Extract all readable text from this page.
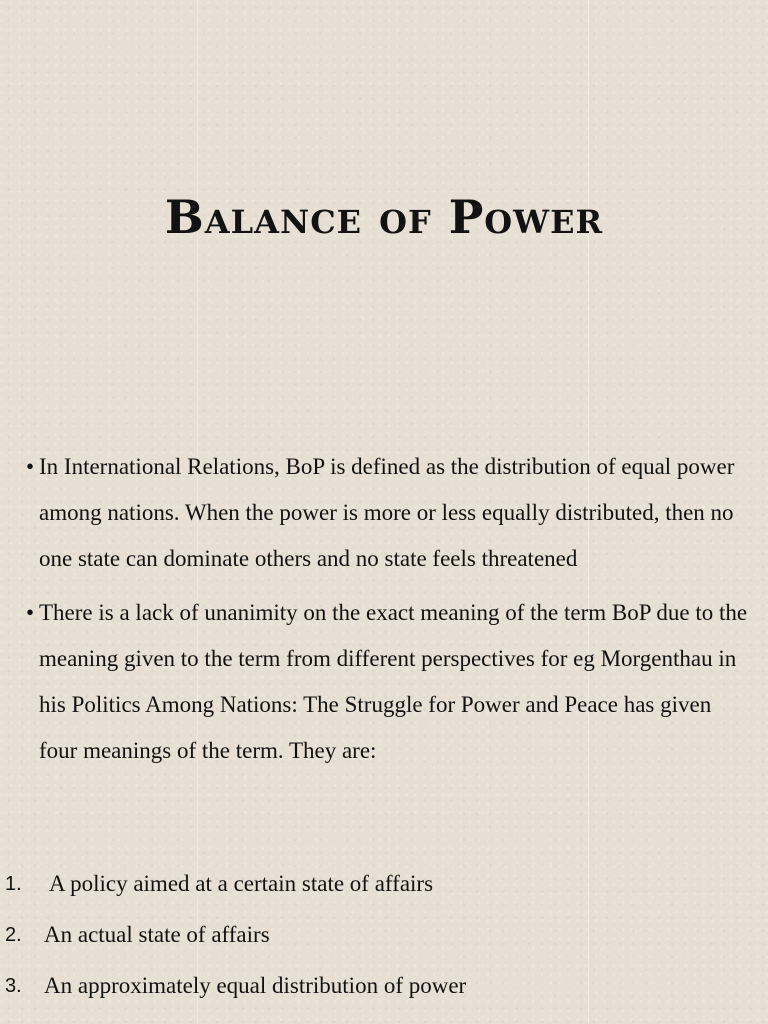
Balance of Power
• In International Relations, BoP is defined as the distribution of equal power among nations. When the power is more or less equally distributed, then no one state can dominate others and no state feels threatened
• There is a lack of unanimity on the exact meaning of the term BoP due to the meaning given to the term from different perspectives for eg Morgenthau in his Politics Among Nations: The Struggle for Power and Peace has given four meanings of the term. They are:
1. A policy aimed at a certain state of affairs
2. An actual state of affairs
3. An approximately equal distribution of power
